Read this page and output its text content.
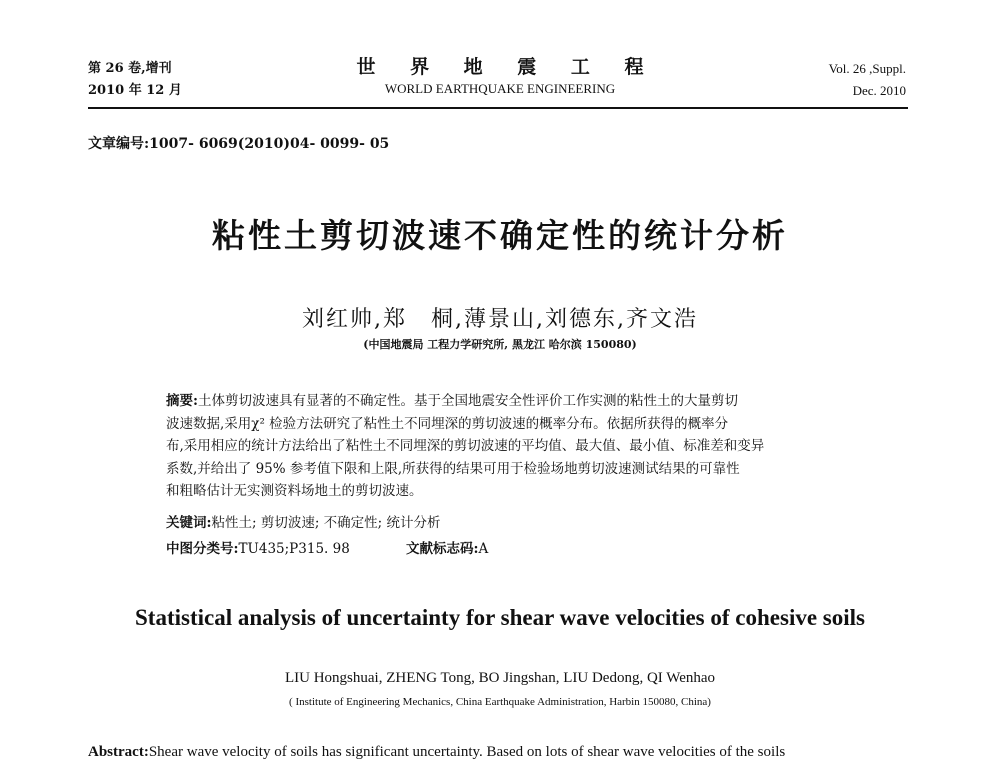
第 26 卷,增刊
2010 年 12 月
世 界 地 震 工 程
WORLD EARTHQUAKE ENGINEERING
Vol. 26 ,Suppl.
Dec. 2010
文章编号:1007- 6069(2010)04- 0099- 05
粘性土剪切波速不确定性的统计分析
刘红帅,郑　桐,薄景山,刘德东,齐文浩
(中国地震局 工程力学研究所, 黑龙江 哈尔滨 150080)
摘要:土体剪切波速具有显著的不确定性。基于全国地震安全性评价工作实测的粘性土的大量剪切
波速数据,采用χ² 检验方法研究了粘性土不同埋深的剪切波速的概率分布。依据所获得的概率分
布,采用相应的统计方法给出了粘性土不同埋深的剪切波速的平均值、最大值、最小值、标准差和变异
系数,并给出了 95% 参考值下限和上限,所获得的结果可用于检验场地剪切波速测试结果的可靠性
和粗略估计无实测资料场地土的剪切波速。
关键词:粘性土; 剪切波速; 不确定性; 统计分析
中图分类号:TU435;P315. 98	文献标志码:A
Statistical analysis of uncertainty for shear wave velocities of cohesive soils
LIU Hongshuai, ZHENG Tong, BO Jingshan, LIU Dedong, QI Wenhao
( Institute of Engineering Mechanics, China Earthquake Administration, Harbin 150080, China)
Abstract:Shear wave velocity of soils has significant uncertainty. Based on lots of shear wave velocities of the soils
